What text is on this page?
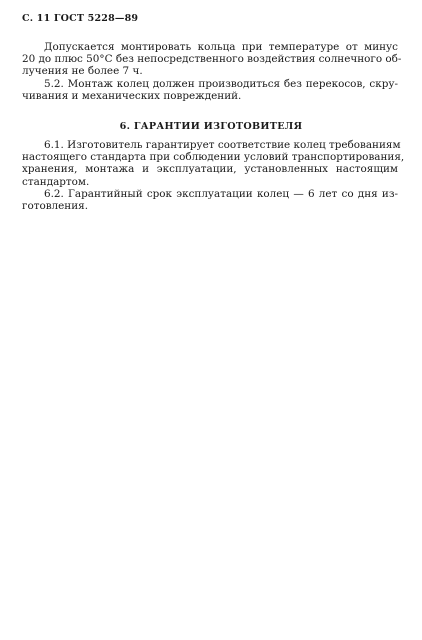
С. 11 ГОСТ 5228—89
Допускается монтировать кольца при температуре от минус
20 до плюс 50°С без непосредственного воздействия солнечного об-
лучения не более 7 ч.
5.2. Монтаж колец должен производиться без перекосов, скру-
чивания и механических повреждений.
6. ГАРАНТИИ ИЗГОТОВИТЕЛЯ
6.1. Изготовитель гарантирует соответствие колец требованиям
настоящего стандарта при соблюдении условий транспортирования,
хранения, монтажа и эксплуатации, установленных настоящим
стандартом.
6.2. Гарантийный срок эксплуатации колец — 6 лет со дня из-
готовления.
